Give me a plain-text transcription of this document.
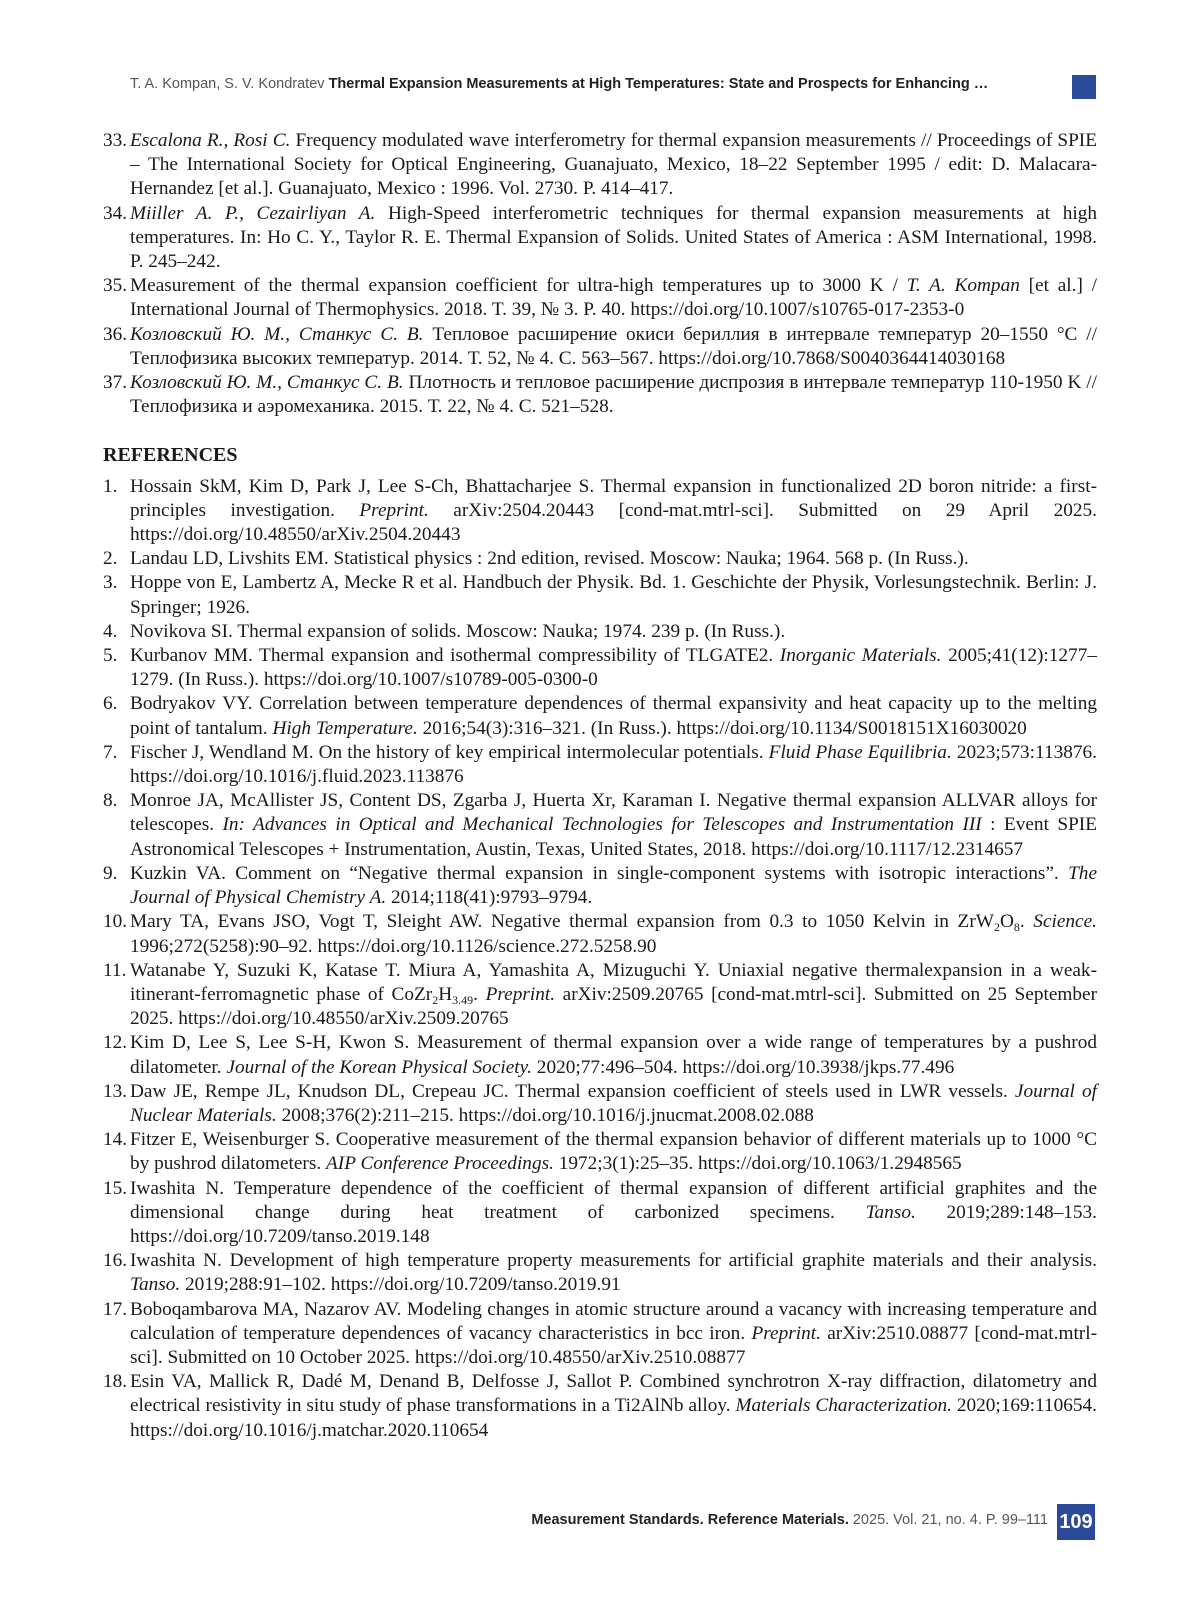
T. A. Kompan, S. V. Kondratev Thermal Expansion Measurements at High Temperatures: State and Prospects for Enhancing …
33. Escalona R., Rosi C. Frequency modulated wave interferometry for thermal expansion measurements // Proceedings of SPIE – The International Society for Optical Engineering, Guanajuato, Mexico, 18–22 September 1995 / edit: D. Malacara-Hernandez [et al.]. Guanajuato, Mexico : 1996. Vol. 2730. P. 414–417.
34. Miiller A. P., Cezairliyan A. High-Speed interferometric techniques for thermal expansion measurements at high temperatures. In: Ho C. Y., Taylor R. E. Thermal Expansion of Solids. United States of America : ASM International, 1998. P. 245–242.
35. Measurement of the thermal expansion coefficient for ultra-high temperatures up to 3000 K / T. A. Kompan [et al.] / International Journal of Thermophysics. 2018. T. 39, № 3. P. 40. https://doi.org/10.1007/s10765-017-2353-0
36. Козловский Ю. М., Станкус С. В. Тепловое расширение окиси бериллия в интервале температур 20–1550 °C // Теплофизика высоких температур. 2014. Т. 52, № 4. С. 563–567. https://doi.org/10.7868/S0040364414030168
37. Козловский Ю. М., Станкус С. В. Плотность и тепловое расширение диспрозия в интервале температур 110-1950 K // Теплофизика и аэромеханика. 2015. Т. 22, № 4. С. 521–528.
REFERENCES
1. Hossain SkM, Kim D, Park J, Lee S-Ch, Bhattacharjee S. Thermal expansion in functionalized 2D boron nitride: a first-principles investigation. Preprint. arXiv:2504.20443 [cond-mat.mtrl-sci]. Submitted on 29 April 2025. https://doi.org/10.48550/arXiv.2504.20443
2. Landau LD, Livshits EM. Statistical physics : 2nd edition, revised. Moscow: Nauka; 1964. 568 p. (In Russ.).
3. Hoppe von E, Lambertz A, Mecke R et al. Handbuch der Physik. Bd. 1. Geschichte der Physik, Vorlesungstechnik. Berlin: J. Springer; 1926.
4. Novikova SI. Thermal expansion of solids. Moscow: Nauka; 1974. 239 p. (In Russ.).
5. Kurbanov MM. Thermal expansion and isothermal compressibility of TLGATE2. Inorganic Materials. 2005;41(12):1277–1279. (In Russ.). https://doi.org/10.1007/s10789-005-0300-0
6. Bodryakov VY. Correlation between temperature dependences of thermal expansivity and heat capacity up to the melting point of tantalum. High Temperature. 2016;54(3):316–321. (In Russ.). https://doi.org/10.1134/S0018151X16030020
7. Fischer J, Wendland M. On the history of key empirical intermolecular potentials. Fluid Phase Equilibria. 2023;573:113876. https://doi.org/10.1016/j.fluid.2023.113876
8. Monroe JA, McAllister JS, Content DS, Zgarba J, Huerta Xr, Karaman I. Negative thermal expansion ALLVAR alloys for telescopes. In: Advances in Optical and Mechanical Technologies for Telescopes and Instrumentation III : Event SPIE Astronomical Telescopes + Instrumentation, Austin, Texas, United States, 2018. https://doi.org/10.1117/12.2314657
9. Kuzkin VA. Comment on “Negative thermal expansion in single-component systems with isotropic interactions”. The Journal of Physical Chemistry A. 2014;118(41):9793–9794.
10. Mary TA, Evans JSO, Vogt T, Sleight AW. Negative thermal expansion from 0.3 to 1050 Kelvin in $ZrW_2O_8$. Science. 1996;272(5258):90–92. https://doi.org/10.1126/science.272.5258.90
11. Watanabe Y, Suzuki K, Katase T. Miura A, Yamashita A, Mizuguchi Y. Uniaxial negative thermalexpansion in a weak-itinerant-ferromagnetic phase of $CoZr_2H_{3.49}$. Preprint. arXiv:2509.20765 [cond-mat.mtrl-sci]. Submitted on 25 September 2025. https://doi.org/10.48550/arXiv.2509.20765
12. Kim D, Lee S, Lee S-H, Kwon S. Measurement of thermal expansion over a wide range of temperatures by a pushrod dilatometer. Journal of the Korean Physical Society. 2020;77:496–504. https://doi.org/10.3938/jkps.77.496
13. Daw JE, Rempe JL, Knudson DL, Crepeau JC. Thermal expansion coefficient of steels used in LWR vessels. Journal of Nuclear Materials. 2008;376(2):211–215. https://doi.org/10.1016/j.jnucmat.2008.02.088
14. Fitzer E, Weisenburger S. Cooperative measurement of the thermal expansion behavior of different materials up to 1000 °C by pushrod dilatometers. AIP Conference Proceedings. 1972;3(1):25–35. https://doi.org/10.1063/1.2948565
15. Iwashita N. Temperature dependence of the coefficient of thermal expansion of different artificial graphites and the dimensional change during heat treatment of carbonized specimens. Tanso. 2019;289:148–153. https://doi.org/10.7209/tanso.2019.148
16. Iwashita N. Development of high temperature property measurements for artificial graphite materials and their analysis. Tanso. 2019;288:91–102. https://doi.org/10.7209/tanso.2019.91
17. Boboqambarova MA, Nazarov AV. Modeling changes in atomic structure around a vacancy with increasing temperature and calculation of temperature dependences of vacancy characteristics in bcc iron. Preprint. arXiv:2510.08877 [cond-mat.mtrl-sci]. Submitted on 10 October 2025. https://doi.org/10.48550/arXiv.2510.08877
18. Esin VA, Mallick R, Dadé M, Denand B, Delfosse J, Sallot P. Combined synchrotron X-ray diffraction, dilatometry and electrical resistivity in situ study of phase transformations in a Ti2AlNb alloy. Materials Characterization. 2020;169:110654. https://doi.org/10.1016/j.matchar.2020.110654
Measurement Standards. Reference Materials. 2025. Vol. 21, no. 4. P. 99–111 109
